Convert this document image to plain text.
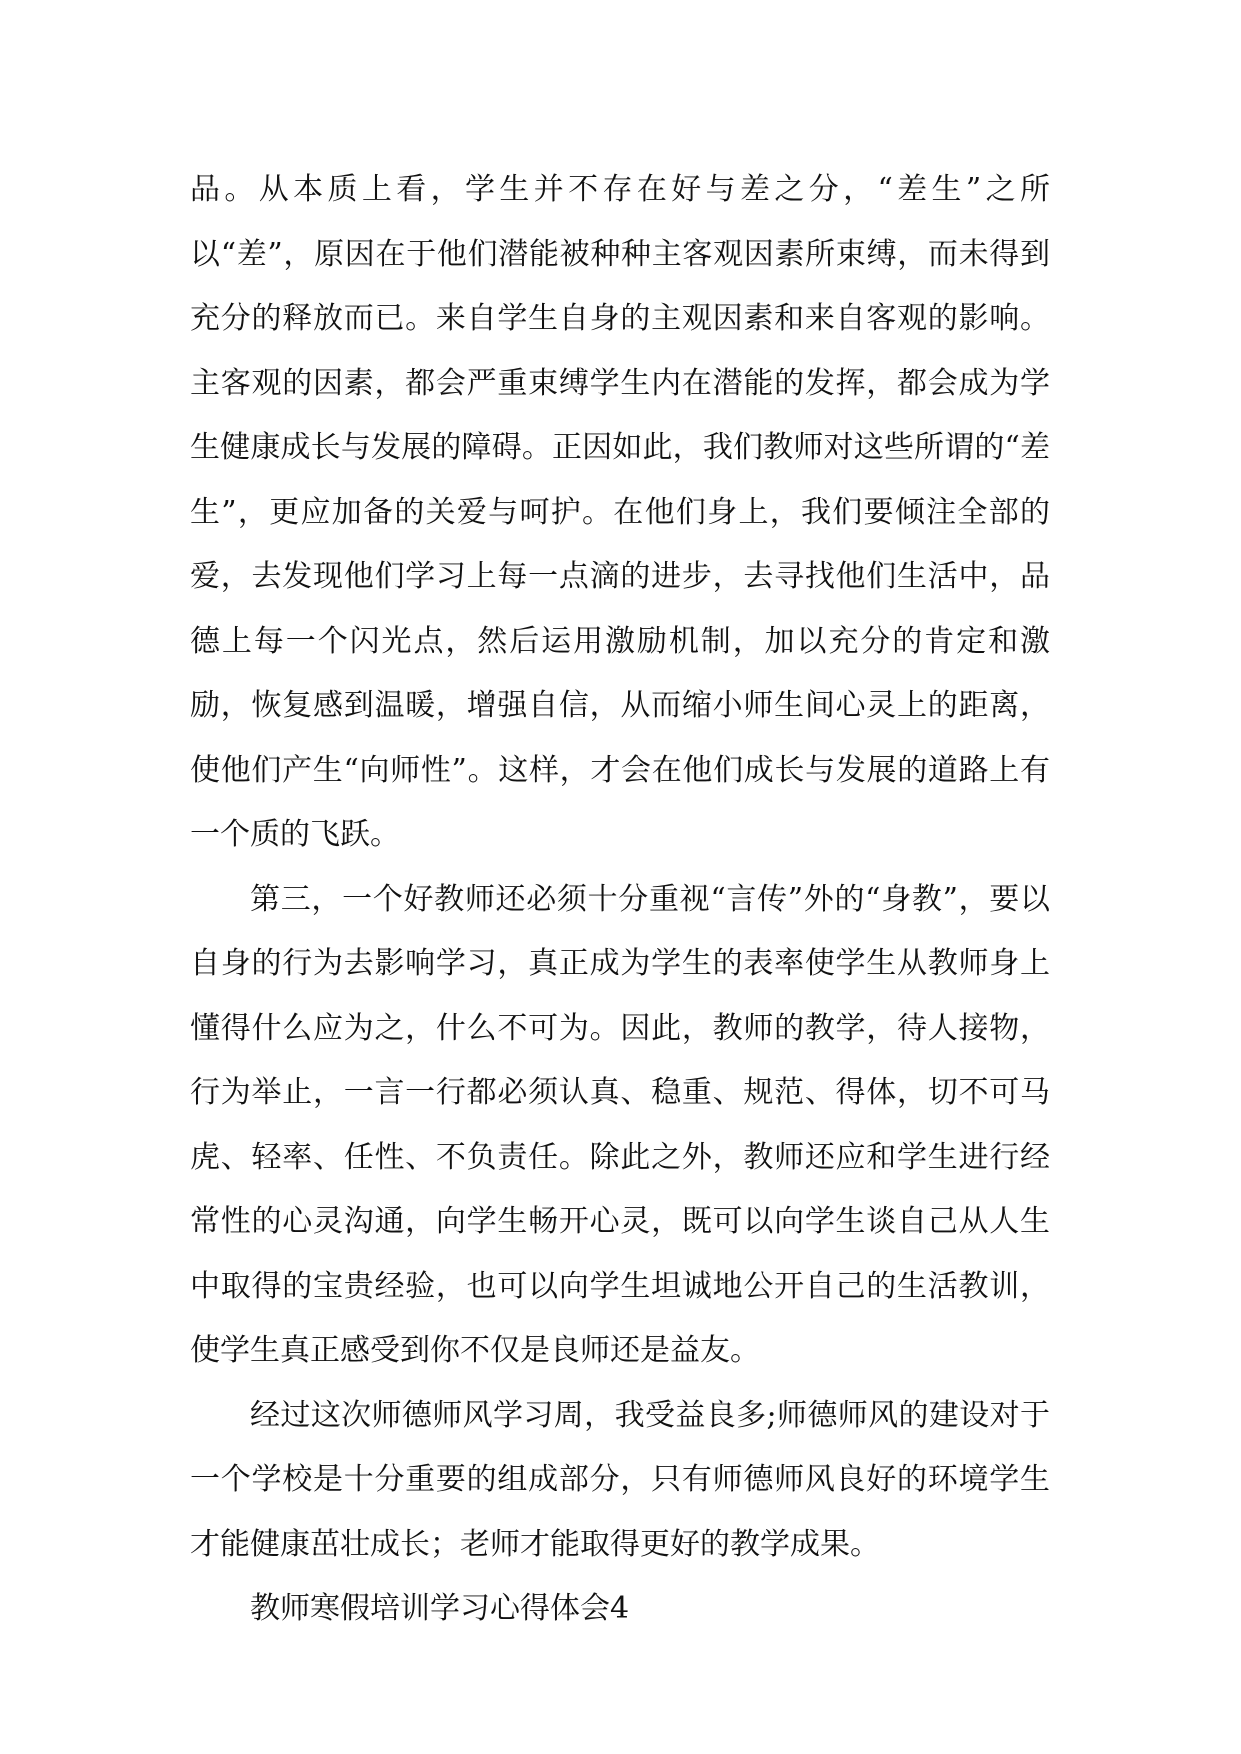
品。从本质上看，学生并不存在好与差之分，“差生”之所以“差”，原因在于他们潜能被种种主客观因素所束缚，而未得到充分的释放而已。来自学生自身的主观因素和来自客观的影响。主客观的因素，都会严重束缚学生内在潜能的发挥，都会成为学生健康成长与发展的障碍。正因如此，我们教师对这些所谓的“差生”，更应加备的关爱与呵护。在他们身上，我们要倾注全部的爱，去发现他们学习上每一点滴的进步，去寻找他们生活中，品德上每一个闪光点，然后运用激励机制，加以充分的肯定和激励，恢复感到温暖，增强自信，从而缩小师生间心灵上的距离，使他们产生“向师性”。这样，才会在他们成长与发展的道路上有一个质的飞跃。

第三，一个好教师还必须十分重视“言传”外的“身教”，要以自身的行为去影响学习，真正成为学生的表率使学生从教师身上懂得什么应为之，什么不可为。因此，教师的教学，待人接物，行为举止，一言一行都必须认真、稳重、规范、得体，切不可马虎、轻率、任性、不负责任。除此之外，教师还应和学生进行经常性的心灵沟通，向学生畅开心灵，既可以向学生谈自己从人生中取得的宝贵经验，也可以向学生坦诚地公开自己的生活教训，使学生真正感受到你不仅是良师还是益友。

经过这次师德师风学习周，我受益良多;师德师风的建设对于一个学校是十分重要的组成部分，只有师德师风良好的环境学生才能健康茁壮成长；老师才能取得更好的教学成果。

教师寒假培训学习心得体会4
